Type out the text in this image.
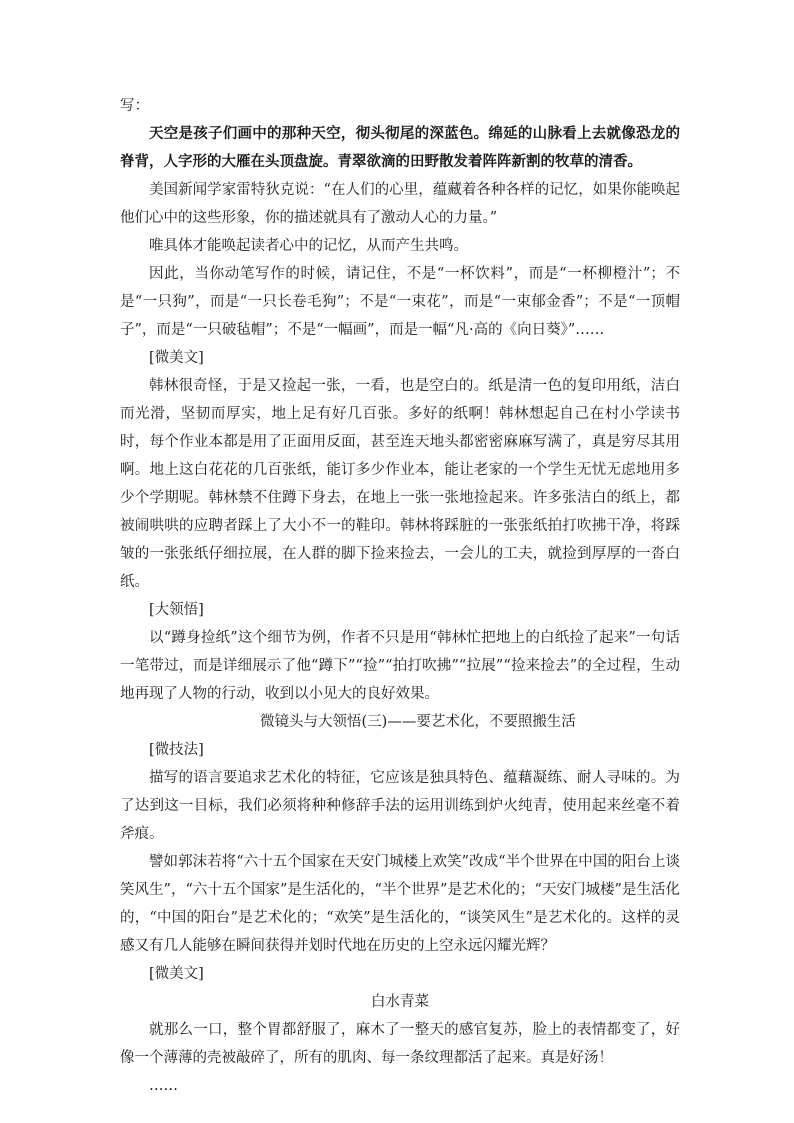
写：

天空是孩子们画中的那种天空，彻头彻尾的深蓝色。绵延的山脉看上去就像恐龙的脊背，人字形的大雁在头顶盘旋。青翠欲滴的田野散发着阵阵新割的牧草的清香。

美国新闻学家雷特狄克说：“在人们的心里，蕴藏着各种各样的记忆，如果你能唤起他们心中的这些形象，你的描述就具有了激动人心的力量。”

唯具体才能唤起读者心中的记忆，从而产生共鸣。

因此，当你动笔写作的时候，请记住，不是“一杯饮料”，而是“一杯柳橙汁”；不是“一只狗”，而是“一只长卷毛狗”；不是“一束花”，而是“一束郁金香”；不是“一顶帽子”，而是“一只破毡帽”；不是“一幅画”，而是一幅“凡·高的《向日葵》”……

[微美文]

韩林很奇怪，于是又捡起一张，一看，也是空白的。纸是清一色的复印用纸，洁白而光滑，坚韧而厚实，地上足有好几百张。多好的纸啊！韩林想起自己在村小学读书时，每个作业本都是用了正面用反面，甚至连天地头都密密麻麻写满了，真是穷尽其用啊。地上这白花花的几百张纸，能订多少作业本，能让老家的一个学生无忧无虑地用多少个学期呢。韩林禁不住蹲下身去，在地上一张一张地捡起来。许多张洁白的纸上，都被闹哄哄的应聘者踩上了大小不一的鞋印。韩林将踩脏的一张张纸拍打吹拂干净，将踩皱的一张张纸仔细拉展，在人群的脚下捡来捡去，一会儿的工夫，就捡到厚厚的一沓白纸。

[大领悟]

以“蹲身捡纸”这个细节为例，作者不只是用“韩林忙把地上的白纸捡了起来”一句话一笔带过，而是详细展示了他“蹲下”“捡”“拍打吹拂”“拉展”“捡来捡去”的全过程，生动地再现了人物的行动，收到以小见大的良好效果。

微镜头与大领悟(三)——要艺术化，不要照搬生活

[微技法]

描写的语言要追求艺术化的特征，它应该是独具特色、蕴藉凝练、耐人寻味的。为了达到这一目标，我们必须将种种修辞手法的运用训练到炉火纯青，使用起来丝毫不着斧痕。

譬如郭沫若将“六十五个国家在天安门城楼上欢笑”改成“半个世界在中国的阳台上谈笑风生”，“六十五个国家”是生活化的，“半个世界”是艺术化的；“天安门城楼”是生活化的，“中国的阳台”是艺术化的；“欢笑”是生活化的，“谈笑风生”是艺术化的。这样的灵感又有几人能够在瞬间获得并划时代地在历史的上空永远闪耀光辉？

[微美文]

白水青菜

就那么一口，整个胃都舒服了，麻木了一整天的感官复苏，脸上的表情都变了，好像一个薄薄的壳被敲碎了，所有的肌肉、每一条纹理都活了起来。真是好汤！

……
